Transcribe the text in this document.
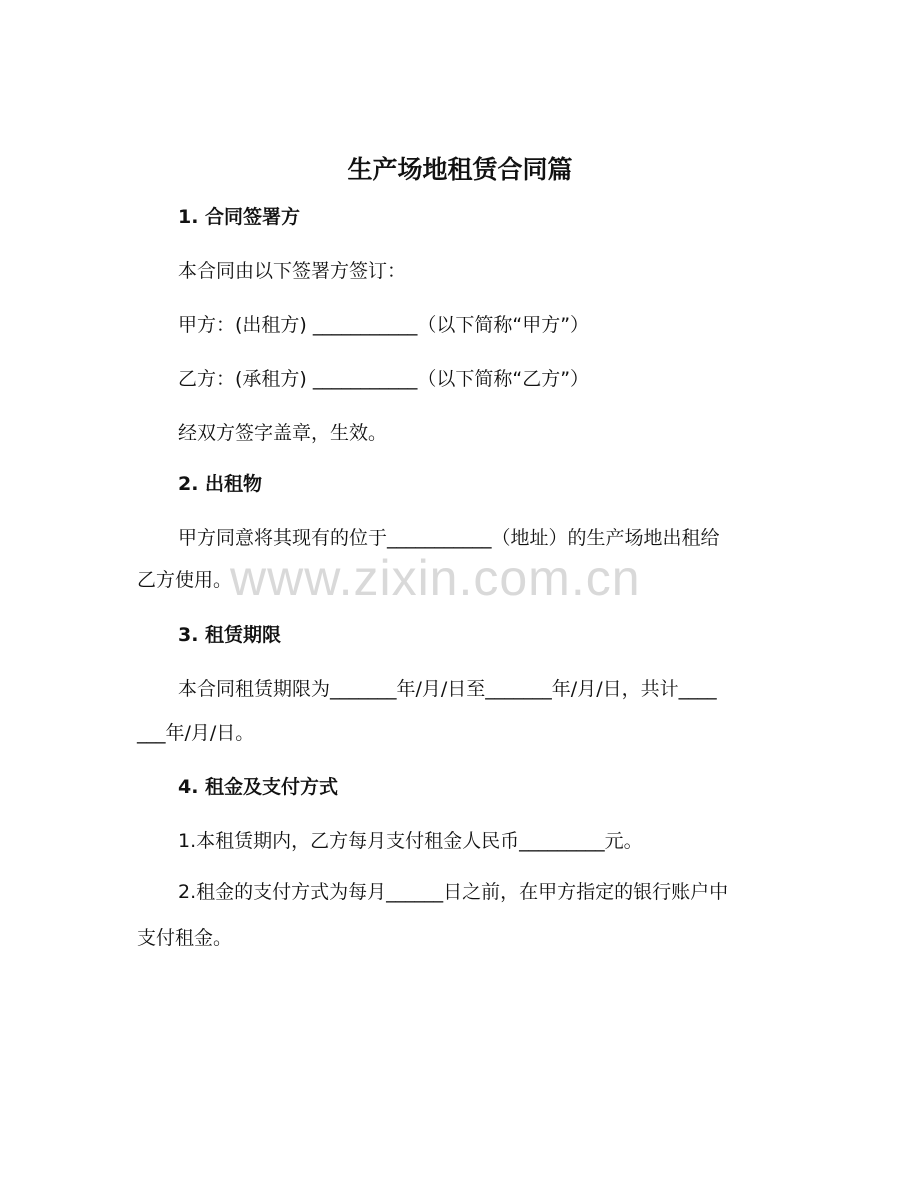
生产场地租赁合同篇
www.zixin.com.cn

1. 合同签署方

本合同由以下签署方签订：

甲方：(出租方) ___________（以下简称“甲方”）

乙方：(承租方) ___________（以下简称“乙方”）

经双方签字盖章，生效。

2. 出租物

甲方同意将其现有的位于___________（地址）的生产场地出租给

乙方使用。

3. 租赁期限

本合同租赁期限为_______年/月/日至_______年/月/日，共计____

___年/月/日。

4. 租金及支付方式

1.本租赁期内，乙方每月支付租金人民币_________元。

2.租金的支付方式为每月______日之前，在甲方指定的银行账户中

支付租金。
